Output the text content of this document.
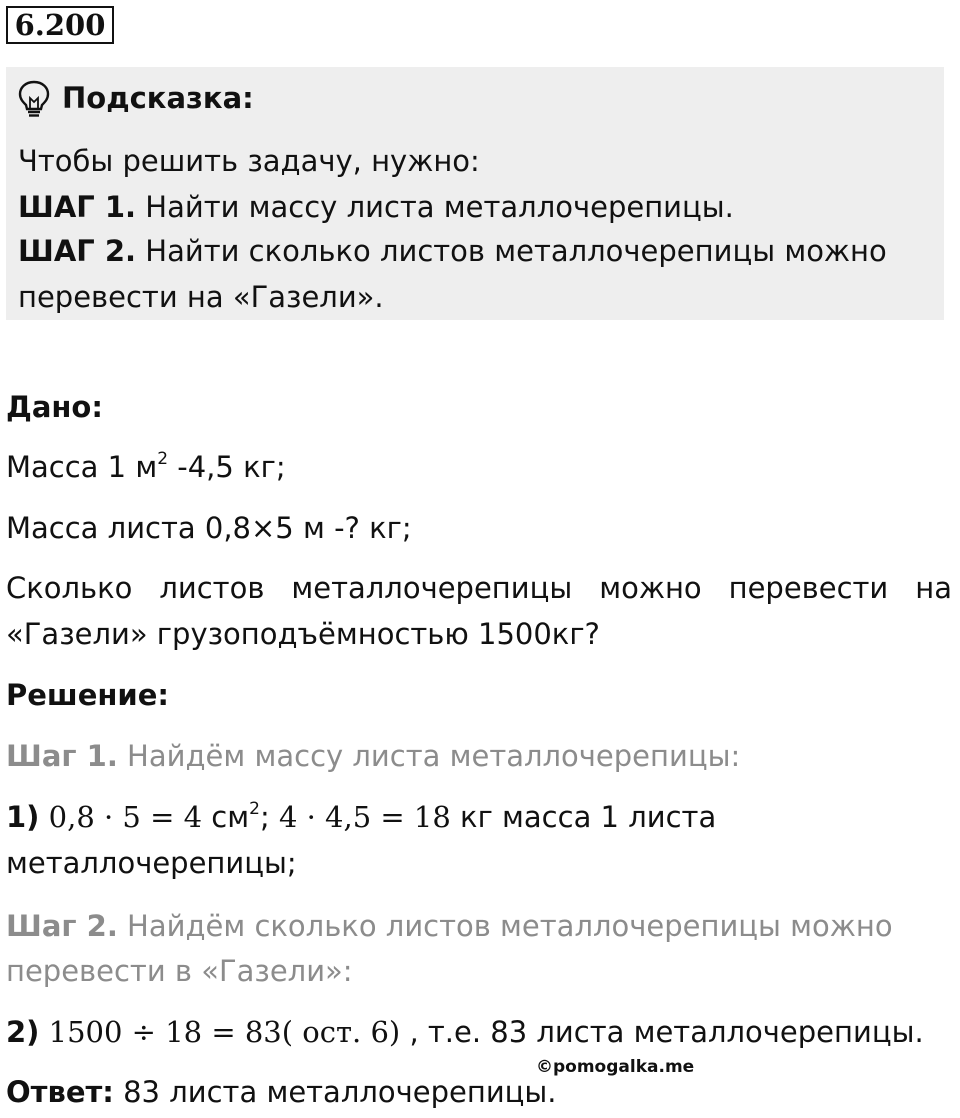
6.200
Подсказка:
Чтобы решить задачу, нужно:
ШАГ 1. Найти массу листа металлочерепицы.
ШАГ 2. Найти сколько листов металлочерепицы можно
перевести на «Газели».
Дано:
Масса 1 $м^2$ -4,5 кг;
Масса листа 0,8×5 м -? кг;
Сколько листов металлочерепицы можно перевести на
«Газели» грузоподъёмностью 1500кг?
Решение:
Шаг 1. Найдём массу листа металлочерепицы:
1) 0,8 · 5 = 4 $см^2$; 4 · 4,5 = 18 кг масса 1 листа
металлочерепицы;
Шаг 2. Найдём сколько листов металлочерепицы можно
перевести в «Газели»:
2) 1500 ÷ 18 = 83( ост. 6) , т.е. 83 листа металлочерепицы.
©pomogalka.me
Ответ: 83 листа металлочерепицы.
